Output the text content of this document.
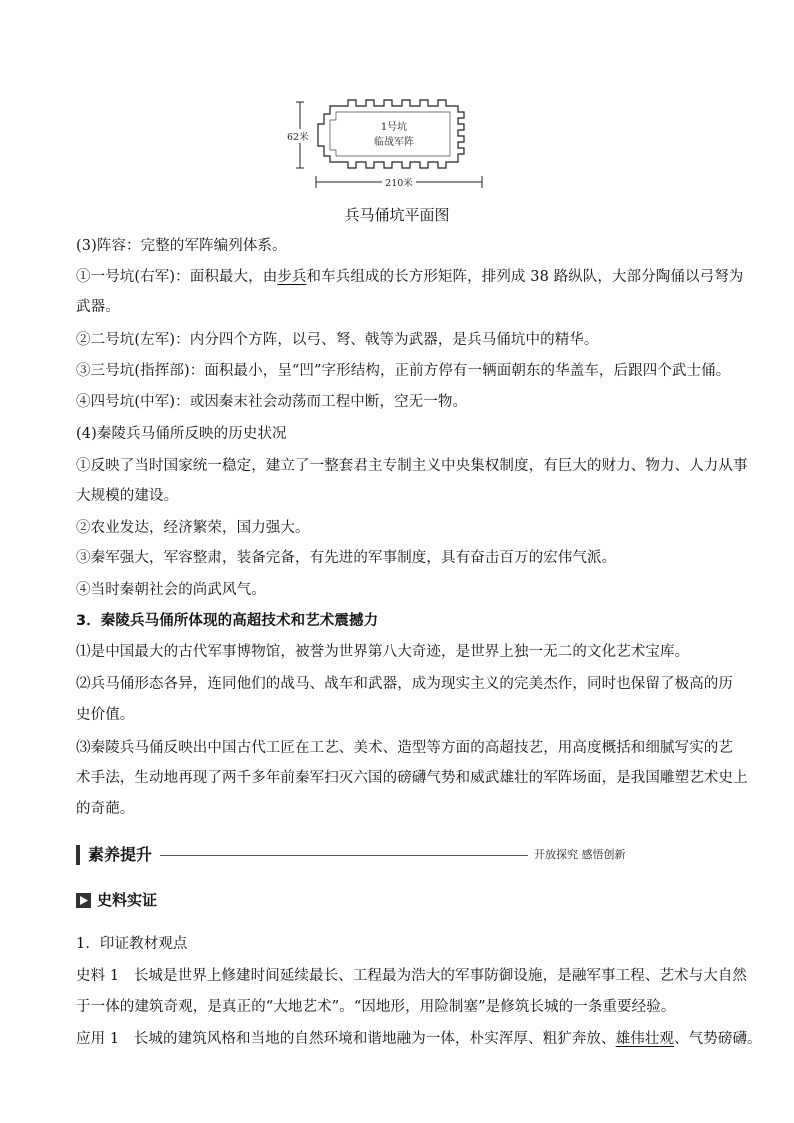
1号坑
临战军阵
62米
210米
兵马俑坑平面图
(3)阵容：完整的军阵编列体系。
①一号坑(右军)：面积最大，由步兵和车兵组成的长方形矩阵，排列成 38 路纵队，大部分陶俑以弓弩为
武器。
②二号坑(左军)：内分四个方阵，以弓、弩、戟等为武器，是兵马俑坑中的精华。
③三号坑(指挥部)：面积最小，呈“凹”字形结构，正前方停有一辆面朝东的华盖车，后跟四个武士俑。
④四号坑(中军)：或因秦末社会动荡而工程中断，空无一物。
(4)秦陵兵马俑所反映的历史状况
①反映了当时国家统一稳定，建立了一整套君主专制主义中央集权制度，有巨大的财力、物力、人力从事
大规模的建设。
②农业发达，经济繁荣，国力强大。
③秦军强大，军容整肃，装备完备，有先进的军事制度，具有奋击百万的宏伟气派。
④当时秦朝社会的尚武风气。
3．秦陵兵马俑所体现的高超技术和艺术震撼力
⑴是中国最大的古代军事博物馆，被誉为世界第八大奇迹，是世界上独一无二的文化艺术宝库。
⑵兵马俑形态各异，连同他们的战马、战车和武器，成为现实主义的完美杰作，同时也保留了极高的历
史价值。
⑶秦陵兵马俑反映出中国古代工匠在工艺、美术、造型等方面的高超技艺，用高度概括和细腻写实的艺
术手法，生动地再现了两千多年前秦军扫灭六国的磅礴气势和威武雄壮的军阵场面，是我国雕塑艺术史上
的奇葩。
素养提升	开放探究 感悟创新
史料实证
1．印证教材观点
史料 1　长城是世界上修建时间延续最长、工程最为浩大的军事防御设施，是融军事工程、艺术与大自然
于一体的建筑奇观，是真正的“大地艺术”。“因地形，用险制塞”是修筑长城的一条重要经验。
应用 1　长城的建筑风格和当地的自然环境和谐地融为一体，朴实浑厚、粗犷奔放、雄伟壮观、气势磅礴。
